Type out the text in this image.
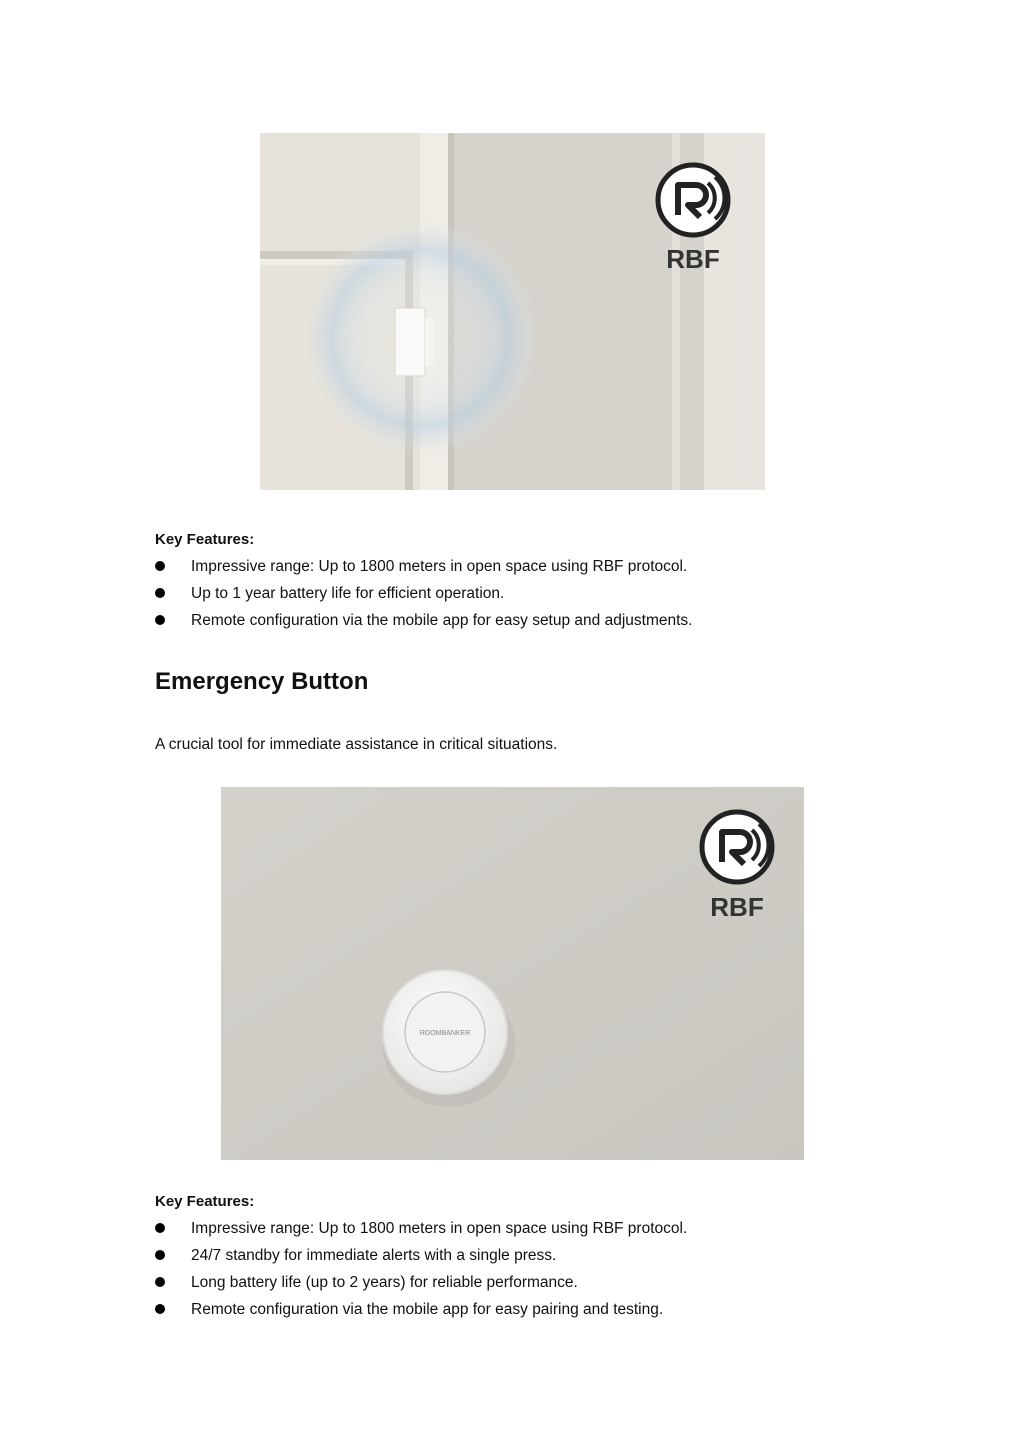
RBF
Key Features:
Impressive range: Up to 1800 meters in open space using RBF protocol.
Up to 1 year battery life for efficient operation.
Remote configuration via the mobile app for easy setup and adjustments.
Emergency Button

A crucial tool for immediate assistance in critical situations.

ROOMBANKER
RBF
Key Features:
Impressive range: Up to 1800 meters in open space using RBF protocol.
24/7 standby for immediate alerts with a single press.
Long battery life (up to 2 years) for reliable performance.
Remote configuration via the mobile app for easy pairing and testing.
